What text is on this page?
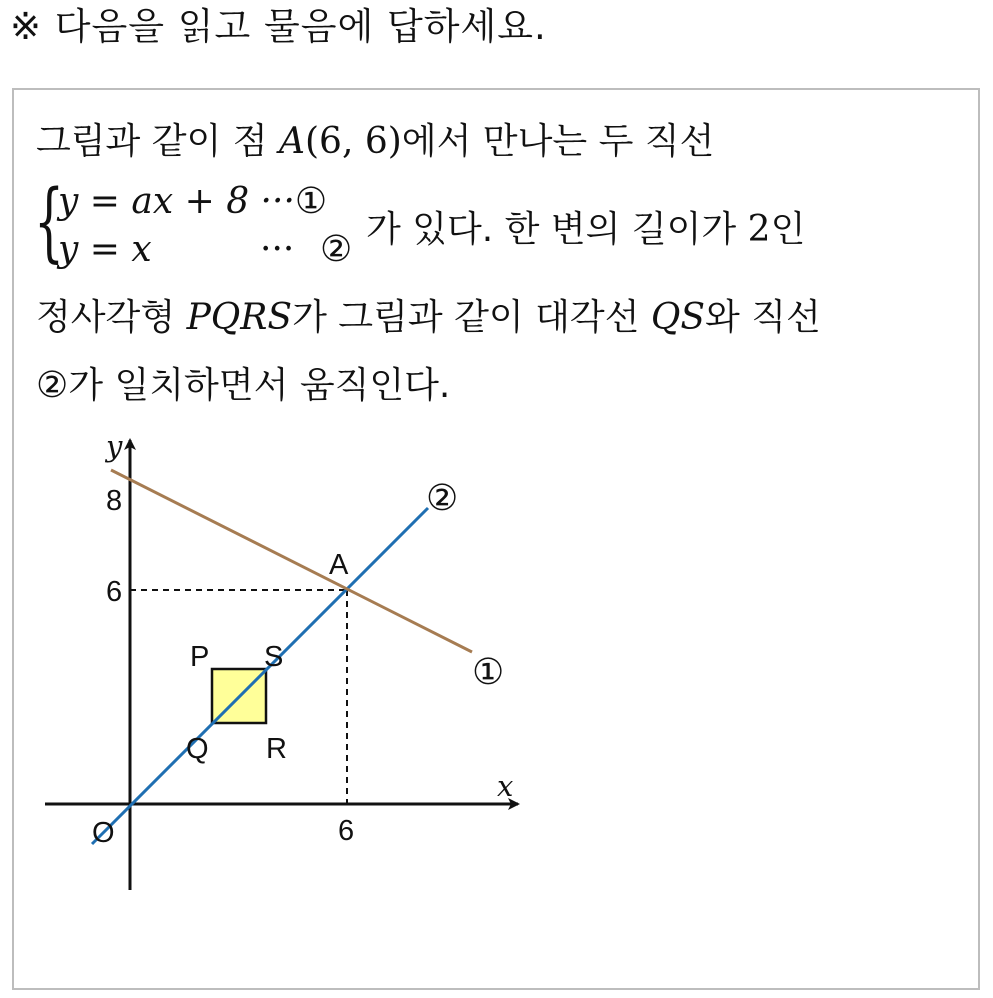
※ 다음을 읽고 물음에 답하세요.
그림과 같이 점 A(6, 6)에서 만나는 두 직선
{
y = ax + 8 ··· ①
y = x	··· ② 가 있다. 한 변의 길이가 2인
정사각형 PQRS가 그림과 같이 대각선 QS와 직선
②가 일치하면서 움직인다.
y
x
O
8
6
6
A
P S
Q R
②
①
